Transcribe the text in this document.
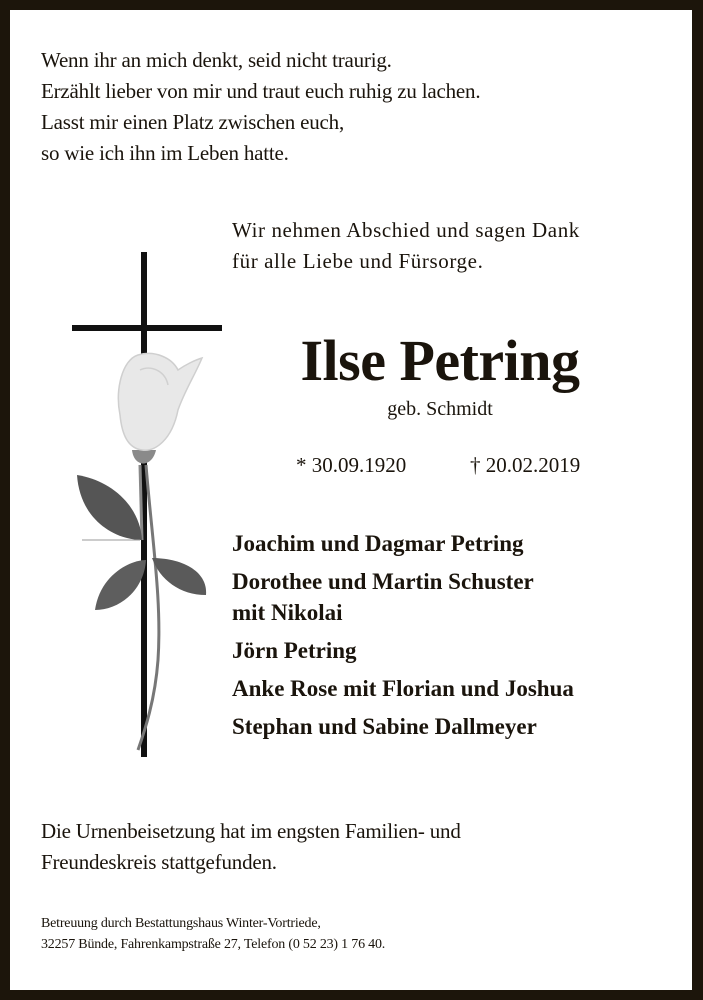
Wenn ihr an mich denkt, seid nicht traurig.
Erzählt lieber von mir und traut euch ruhig zu lachen.
Lasst mir einen Platz zwischen euch,
so wie ich ihn im Leben hatte.
Wir nehmen Abschied und sagen Dank
für alle Liebe und Fürsorge.
Ilse Petring
geb. Schmidt
* 30.09.1920	† 20.02.2019
Joachim und Dagmar Petring
Dorothee und Martin Schuster
mit Nikolai
Jörn Petring
Anke Rose mit Florian und Joshua
Stephan und Sabine Dallmeyer
Die Urnenbeisetzung hat im engsten Familien- und
Freundeskreis stattgefunden.
Betreuung durch Bestattungshaus Winter-Vortriede,
32257 Bünde, Fahrenkampstraße 27, Telefon (0 52 23) 1 76 40.
